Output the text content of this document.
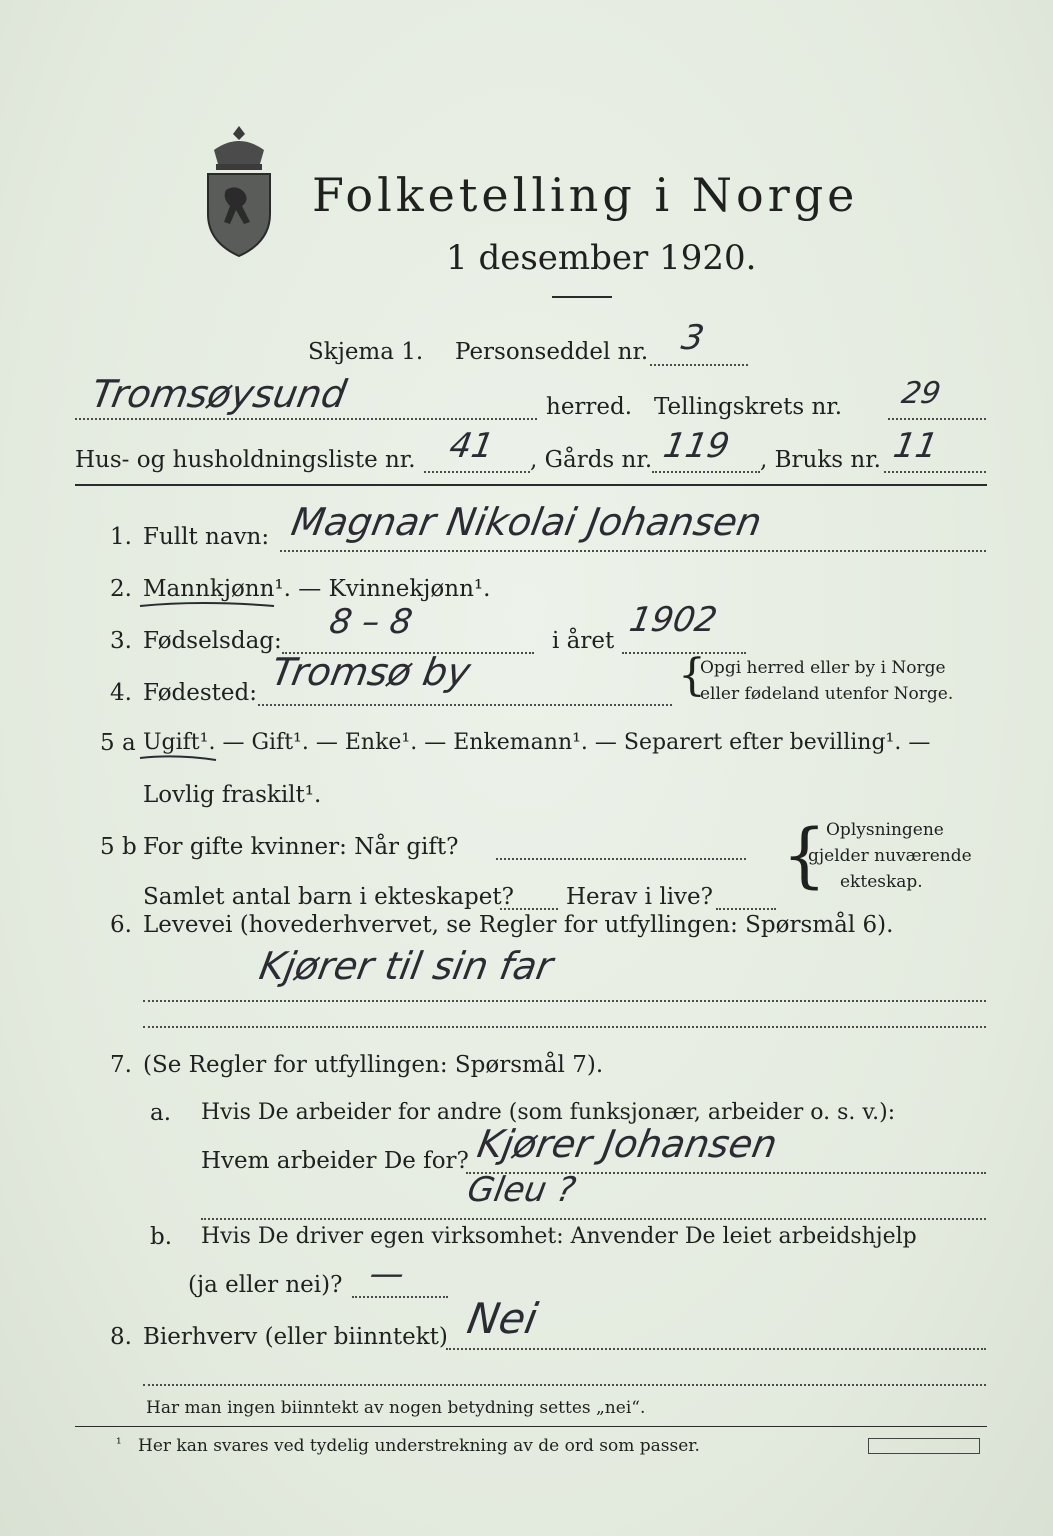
Folketelling i Norge
1 desember 1920.
Skjema 1. Personseddel nr. 3
Tromsøysund	herred. Tellingskrets nr. 29
Hus- og husholdningsliste nr. 41 , Gårds nr. 119 , Bruks nr. 11
1. Fullt navn: Magnar Nikolai Johansen
2. Mannkjønn¹. — Kvinnekjønn¹.
3. Fødselsdag: 8 – 8	i året
1902
4. Fødested: Tromsø by	{
Opgi herred eller by i Norge
eller fødeland utenfor Norge.
5 a Ugift¹. — Gift¹. — Enke¹. — Enkemann¹. — Separert efter bevilling¹. —
Lovlig fraskilt¹.
5 b For gifte kvinner: Når gift?
Samlet antal barn i ekteskapet? Herav i live?
{ Oplysningene
gjelder nuværende
ekteskap.
6. Levevei (hovederhvervet, se Regler for utfyllingen: Spørsmål 6).
Kjører til sin far
7. (Se Regler for utfyllingen: Spørsmål 7).
a. Hvis De arbeider for andre (som funksjonær, arbeider o. s. v.):
Hvem arbeider De for? Kjører Johansen
Gleu ?
b. Hvis De driver egen virksomhet: Anvender De leiet arbeidshjelp
(ja eller nei)? —
8. Bierhverv (eller biinntekt) Nei
Har man ingen biinntekt av nogen betydning settes „nei“.
¹ Her kan svares ved tydelig understrekning av de ord som passer.
